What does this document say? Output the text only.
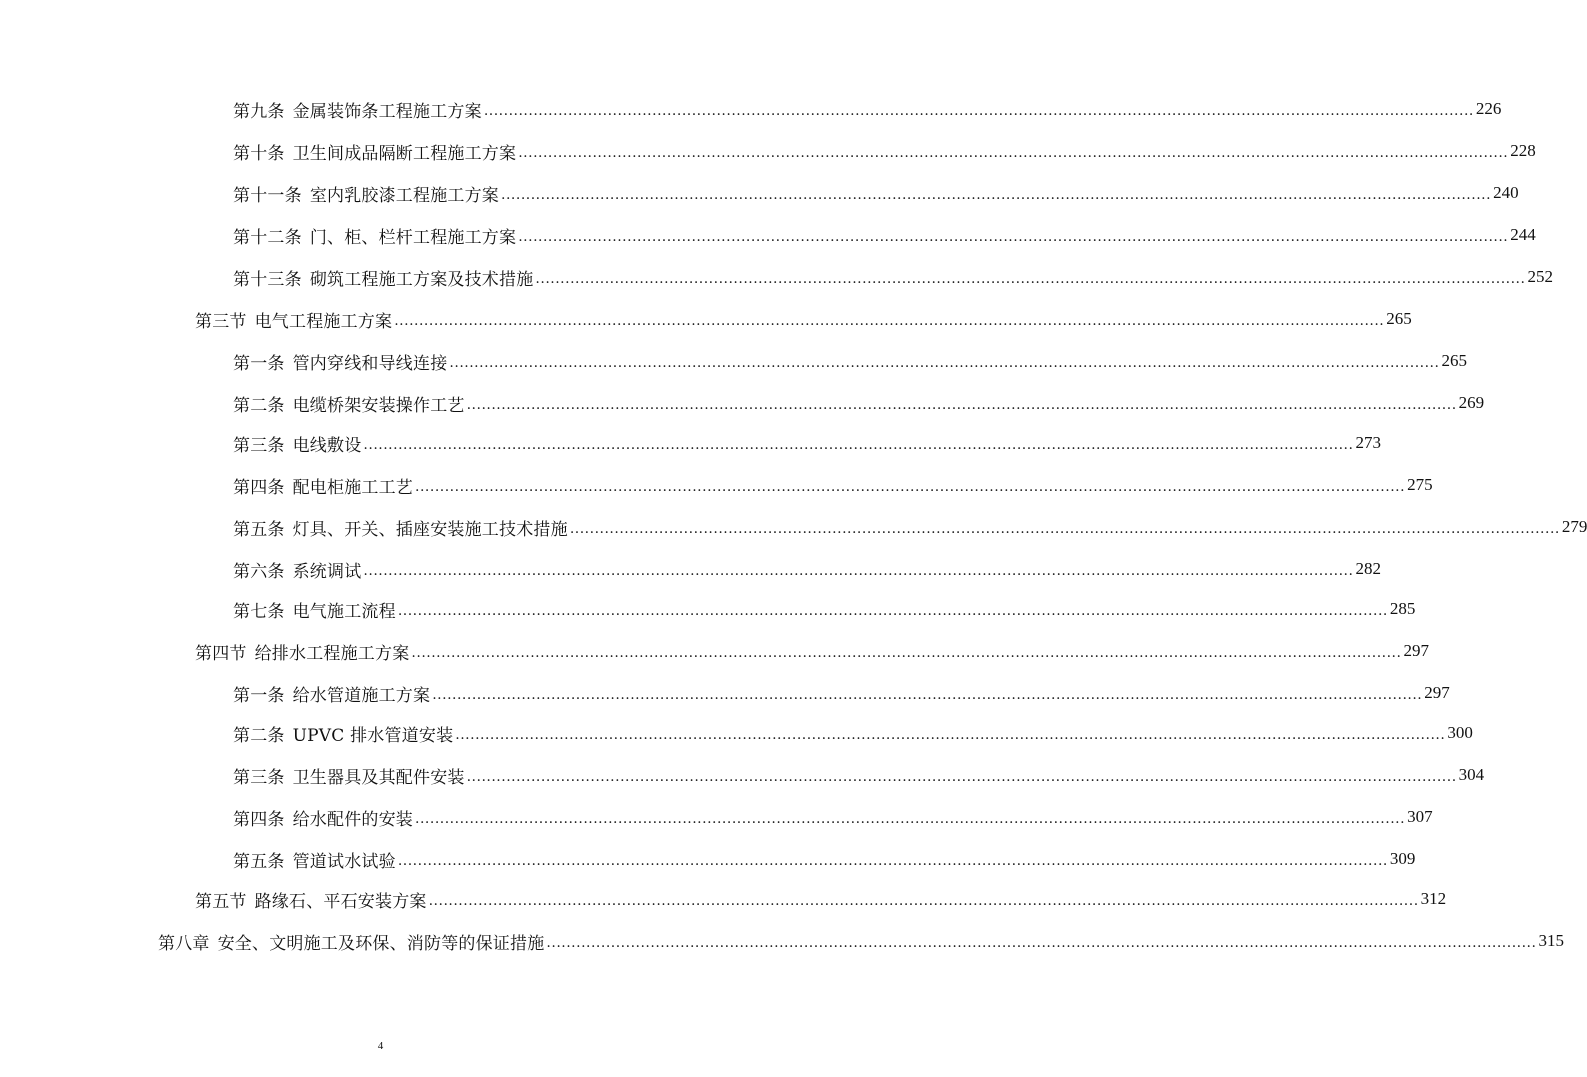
第九条 金属装饰条工程施工方案 ........................................................................................................................................................................................................ 226
第十条 卫生间成品隔断工程施工方案 ........................................................................................................................................................................................................ 228
第十一条 室内乳胶漆工程施工方案 ........................................................................................................................................................................................................ 240
第十二条 门、柜、栏杆工程施工方案 ........................................................................................................................................................................................................ 244
第十三条 砌筑工程施工方案及技术措施 ........................................................................................................................................................................................................ 252
第三节 电气工程施工方案 ........................................................................................................................................................................................................ 265
第一条 管内穿线和导线连接 ........................................................................................................................................................................................................ 265
第二条 电缆桥架安装操作工艺 ........................................................................................................................................................................................................ 269
第三条 电线敷设 ........................................................................................................................................................................................................ 273
第四条 配电柜施工工艺 ........................................................................................................................................................................................................ 275
第五条 灯具、开关、插座安装施工技术措施 ........................................................................................................................................................................................................ 279
第六条 系统调试 ........................................................................................................................................................................................................ 282
第七条 电气施工流程 ........................................................................................................................................................................................................ 285
第四节 给排水工程施工方案 ........................................................................................................................................................................................................ 297
第一条 给水管道施工方案 ........................................................................................................................................................................................................ 297
第二条 UPVC 排水管道安装 ........................................................................................................................................................................................................ 300
第三条 卫生器具及其配件安装 ........................................................................................................................................................................................................ 304
第四条 给水配件的安装 ........................................................................................................................................................................................................ 307
第五条 管道试水试验 ........................................................................................................................................................................................................ 309
第五节 路缘石、平石安装方案 ........................................................................................................................................................................................................ 312
第八章 安全、文明施工及环保、消防等的保证措施 ........................................................................................................................................................................................................ 315
4
